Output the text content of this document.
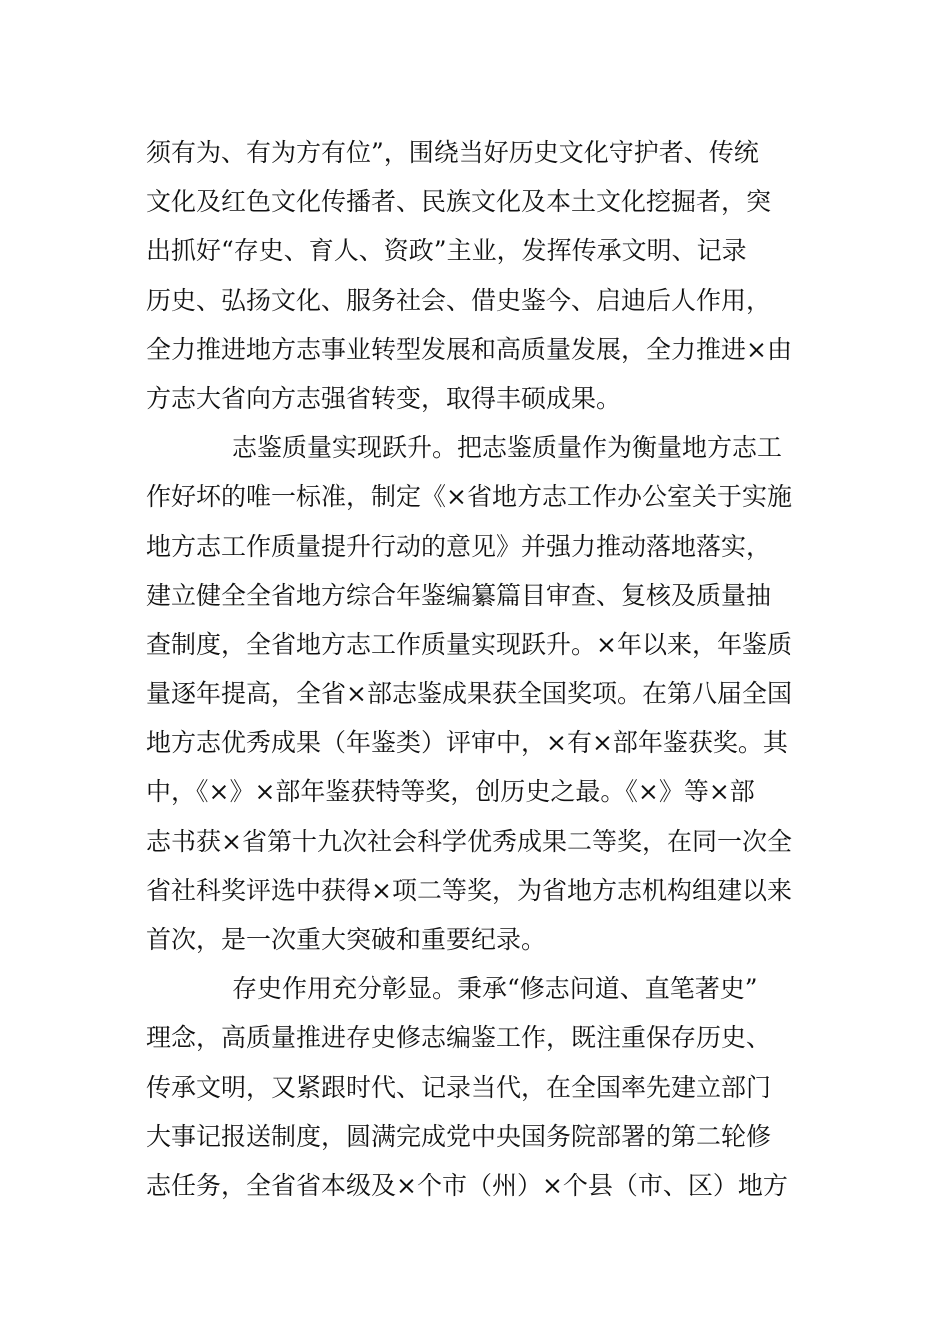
须有为、有为方有位”，围绕当好历史文化守护者、传统
文化及红色文化传播者、民族文化及本土文化挖掘者，突
出抓好“存史、育人、资政”主业，发挥传承文明、记录
历史、弘扬文化、服务社会、借史鉴今、启迪后人作用，
全力推进地方志事业转型发展和高质量发展，全力推进×由
方志大省向方志强省转变，取得丰硕成果。

志鉴质量实现跃升。把志鉴质量作为衡量地方志工
作好坏的唯一标准，制定《×省地方志工作办公室关于实施
地方志工作质量提升行动的意见》并强力推动落地落实，
建立健全全省地方综合年鉴编纂篇目审查、复核及质量抽
查制度，全省地方志工作质量实现跃升。×年以来，年鉴质
量逐年提高，全省×部志鉴成果获全国奖项。在第八届全国
地方志优秀成果（年鉴类）评审中，×有×部年鉴获奖。其
中，《×》×部年鉴获特等奖，创历史之最。《×》等×部
志书获×省第十九次社会科学优秀成果二等奖，在同一次全
省社科奖评选中获得×项二等奖，为省地方志机构组建以来
首次，是一次重大突破和重要纪录。

存史作用充分彰显。秉承“修志问道、直笔著史”
理念，高质量推进存史修志编鉴工作，既注重保存历史、
传承文明，又紧跟时代、记录当代，在全国率先建立部门
大事记报送制度，圆满完成党中央国务院部署的第二轮修
志任务，全省省本级及×个市（州）×个县（市、区）地方
